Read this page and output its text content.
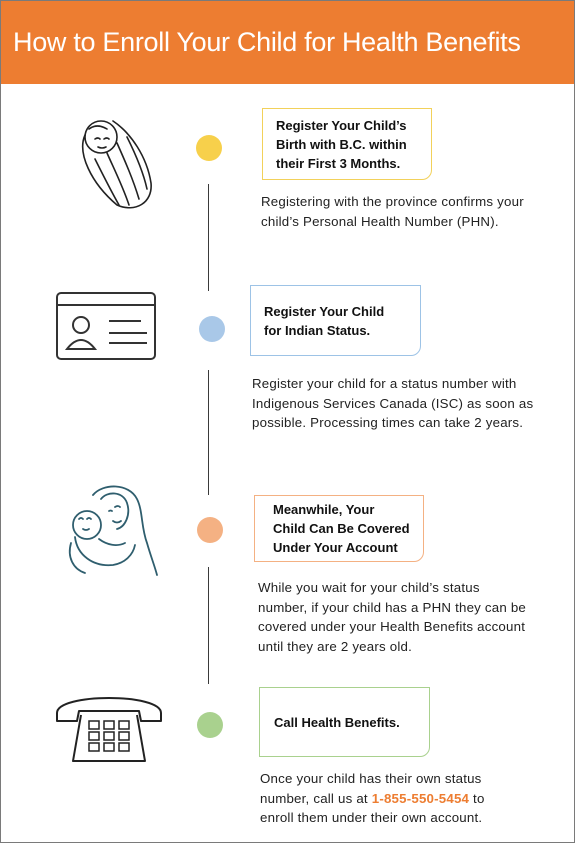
How to Enroll Your Child for Health Benefits
Register Your Child’s
Birth with B.C. within
their First 3 Months.
Registering with the province confirms your
child’s Personal Health Number (PHN).
Register Your Child
for Indian Status.
Register your child for a status number with
Indigenous Services Canada (ISC) as soon as
possible. Processing times can take 2 years.
Meanwhile, Your
Child Can Be Covered
Under Your Account
While you wait for your child’s status
number, if your child has a PHN they can be
covered under your Health Benefits account
until they are 2 years old.
Call Health Benefits.
Once your child has their own status
number, call us at 1-855-550-5454 to
enroll them under their own account.
